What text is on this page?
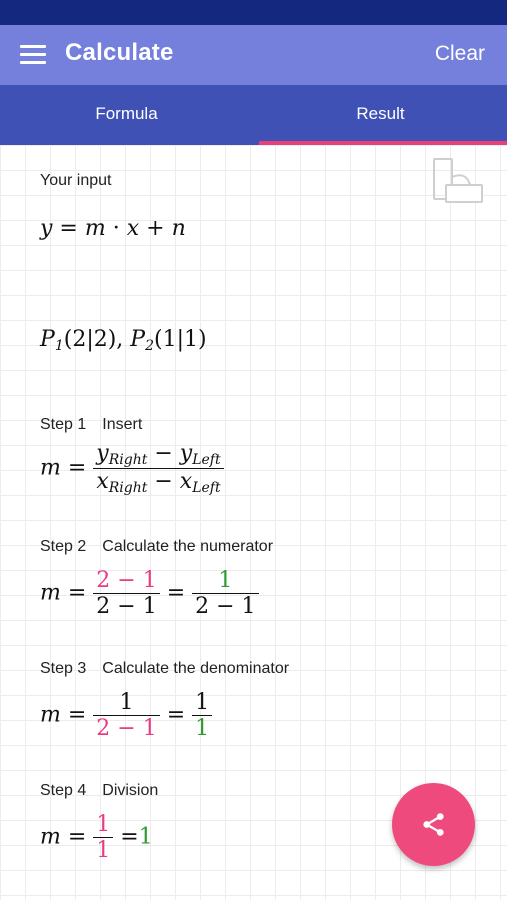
Calculate	Clear
Formula	Result
Your input
y = m · x + n
$P_1(2|2)$, $P_2(1|1)$
Step 1 Insert
$m = \frac{y_{Right} - y_{Left}}{x_{Right} - x_{Left}}$
Step 2 Calculate the numerator
$m = \frac{2 - 1}{2 - 1} = \frac{1}{2 - 1}$
Step 3 Calculate the denominator
$m = \frac{1}{2 - 1} = \frac{1}{1}$
Step 4 Division
$m = \frac{1}{1} =1$
